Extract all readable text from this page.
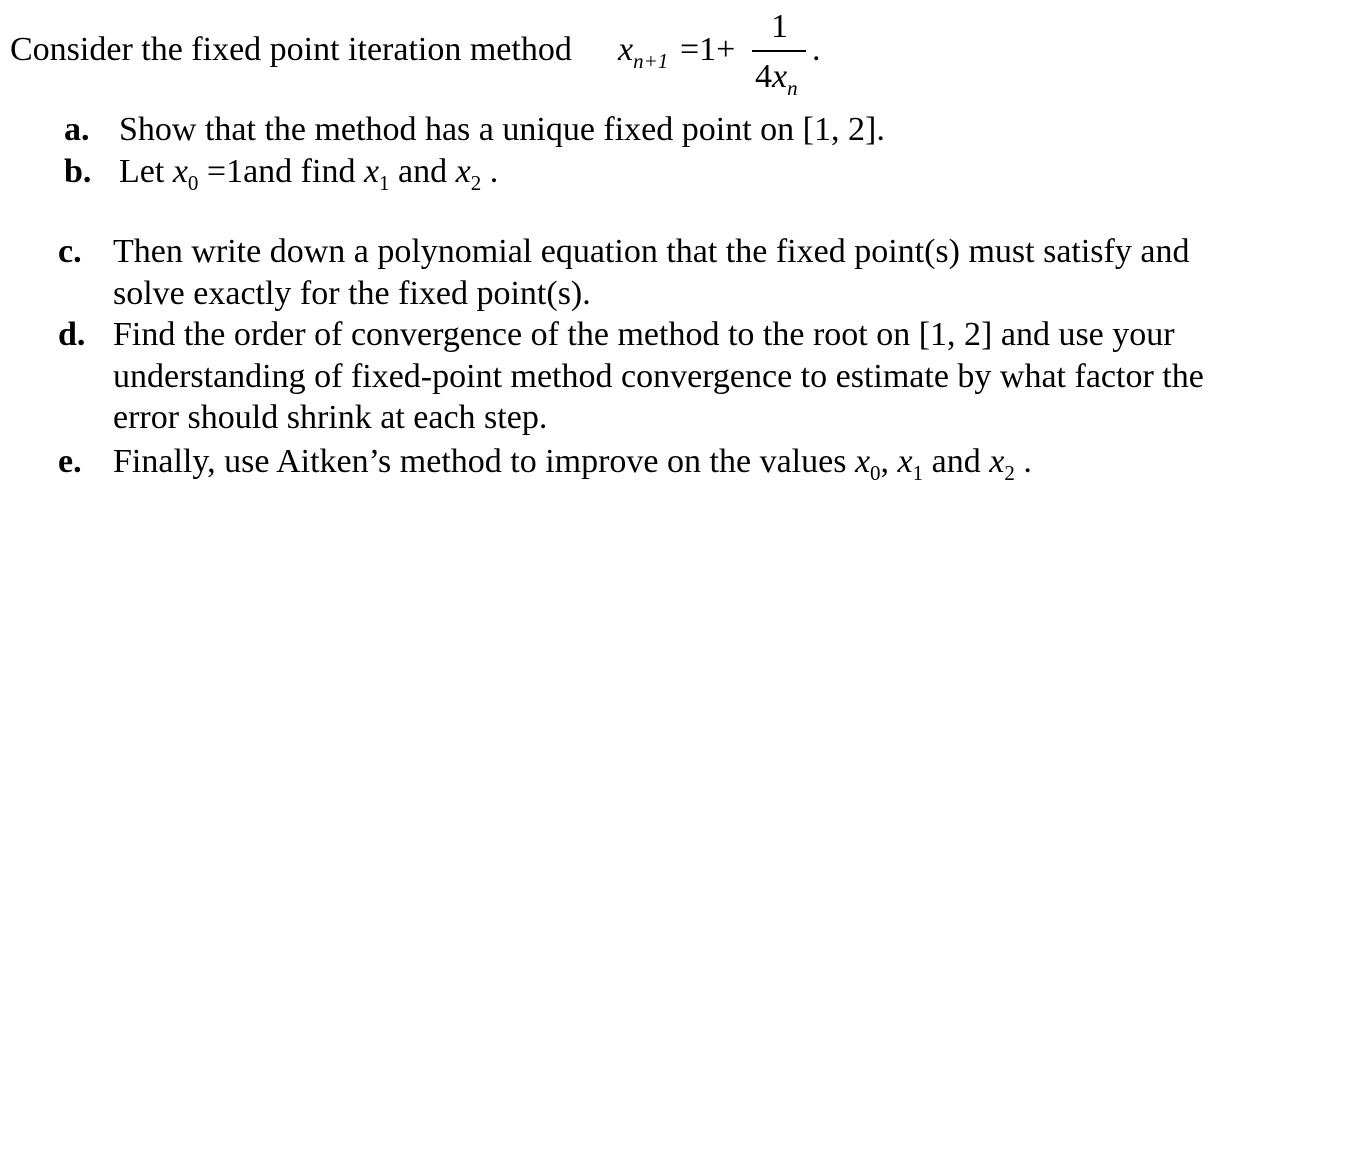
Consider the fixed point iteration method $x_{n+1} =1+$
1
$4x_n$
.
a. Show that the method has a unique fixed point on [1, 2].
b. Let $x_0 =1and$ find $x_1$ and $x_2$ .
c. Then write down a polynomial equation that the fixed point(s) must satisfy and
solve exactly for the fixed point(s).
d. Find the order of convergence of the method to the root on [1, 2] and use your
understanding of fixed-point method convergence to estimate by what factor the
error should shrink at each step.
e. Finally, use Aitken’s method to improve on the values $x_0$, $x_1$ and $x_2$ .
